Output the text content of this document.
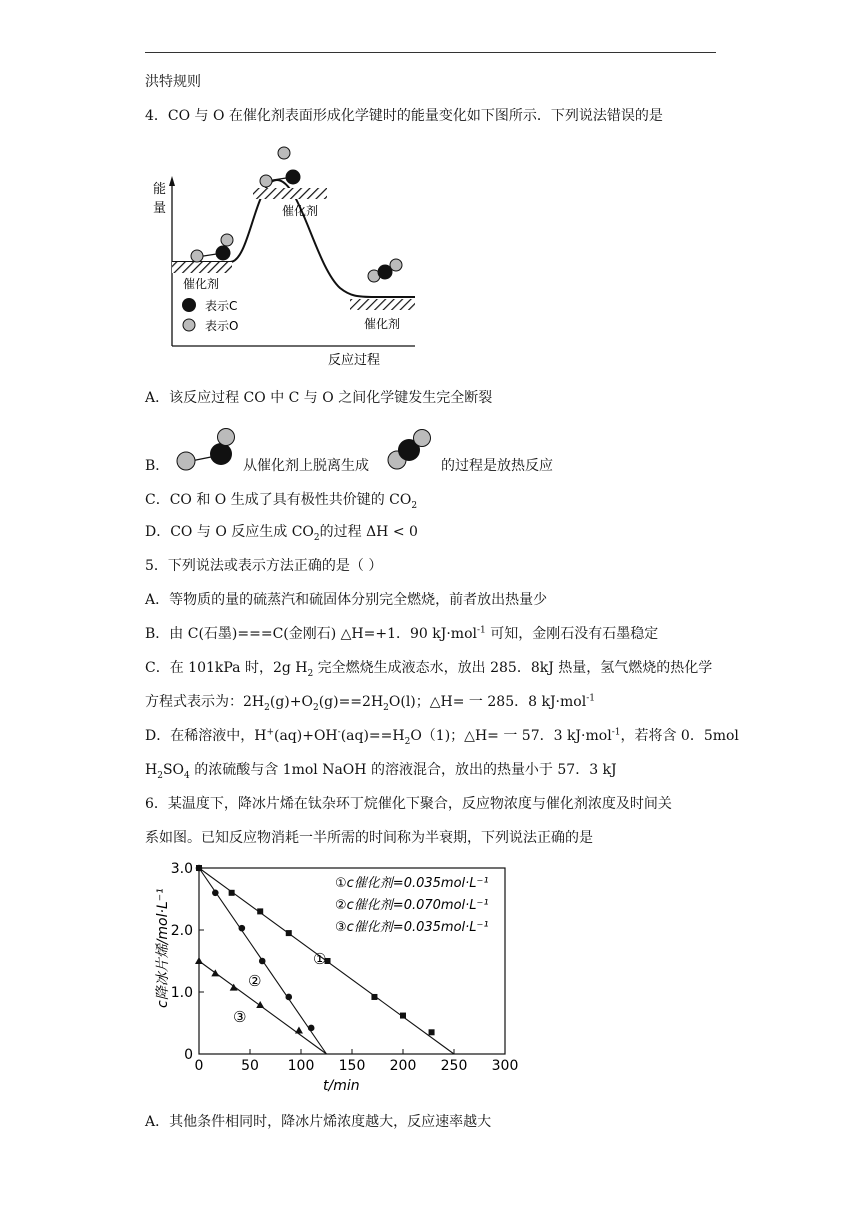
洪特规则
4．CO 与 O 在催化剂表面形成化学键时的能量变化如下图所示．下列说法错误的是
能
量
反应过程
催化剂
催化剂
催化剂
表示C
表示O
A．该反应过程 CO 中 C 与 O 之间化学键发生完全断裂
B．	从催化剂上脱离生成	的过程是放热反应
C．CO 和 O 生成了具有极性共价键的 $CO_2$
D．CO 与 O 反应生成 $CO_2$的过程 ΔH < 0
5．下列说法或表示方法正确的是（ ）
A．等物质的量的硫蒸汽和硫固体分别完全燃烧，前者放出热量少
B．由 C(石墨)===C(金刚石) △H=+1．90 kJ·mol$^{-1}$ 可知，金刚石没有石墨稳定
C．在 101kPa 时，2g $H_2$ 完全燃烧生成液态水，放出 285．8kJ 热量，氢气燃烧的热化学
方程式表示为：$2H_2(g)+O_2(g)==2H_2O(l)$；△H= 一 285．8 kJ·mol$^{-1}$
D．在稀溶液中，$H^+(aq)+OH^-(aq)==H_2O(1)$；△H= 一 57．3 kJ·mol$^{-1}$，若将含 0．5mol
$H_2SO_4$ 的浓硫酸与含 1mol NaOH 的溶液混合，放出的热量小于 57．3 kJ
6．某温度下，降冰片烯在钛杂环丁烷催化下聚合，反应物浓度与催化剂浓度及时间关
系如图。已知反应物消耗一半所需的时间称为半衰期，下列说法正确的是
0	50 100 150 200 250 300
0
1.0
2.0
3.0
t/min
c降冰片烯/mol·L⁻¹
①c催化剂=0.035mol·L⁻¹
②c催化剂=0.070mol·L⁻¹
③c催化剂=0.035mol·L⁻¹
①
②
③
A．其他条件相同时，降冰片烯浓度越大，反应速率越大
